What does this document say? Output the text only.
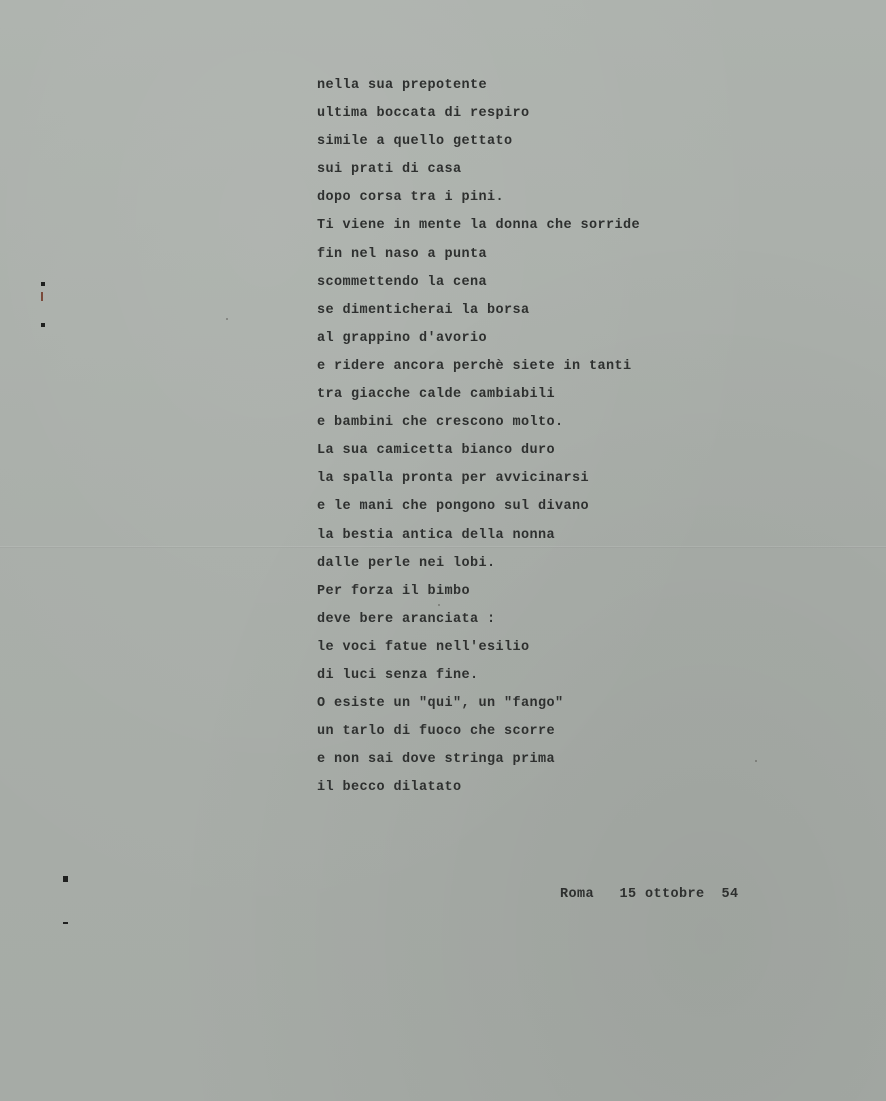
nella sua prepotente
ultima boccata di respiro
simile a quello gettato
sui prati di casa
dopo corsa tra i pini.
Ti viene in mente la donna che sorride
fin nel naso a punta
scommettendo la cena
se dimenticherai la borsa
al grappino d'avorio
e ridere ancora perchè siete in tanti
tra giacche calde cambiabili
e bambini che crescono molto.
La sua camicetta bianco duro
la spalla pronta per avvicinarsi
e le mani che pongono sul divano
la bestia antica della nonna
dalle perle nei lobi.
Per forza il bimbo
deve bere aranciata :
le voci fatue nell'esilio
di luci senza fine.
O esiste un "qui", un "fango"
un tarlo di fuoco che scorre
e non sai dove stringa prima
il becco dilatato
Roma   15 ottobre  54
